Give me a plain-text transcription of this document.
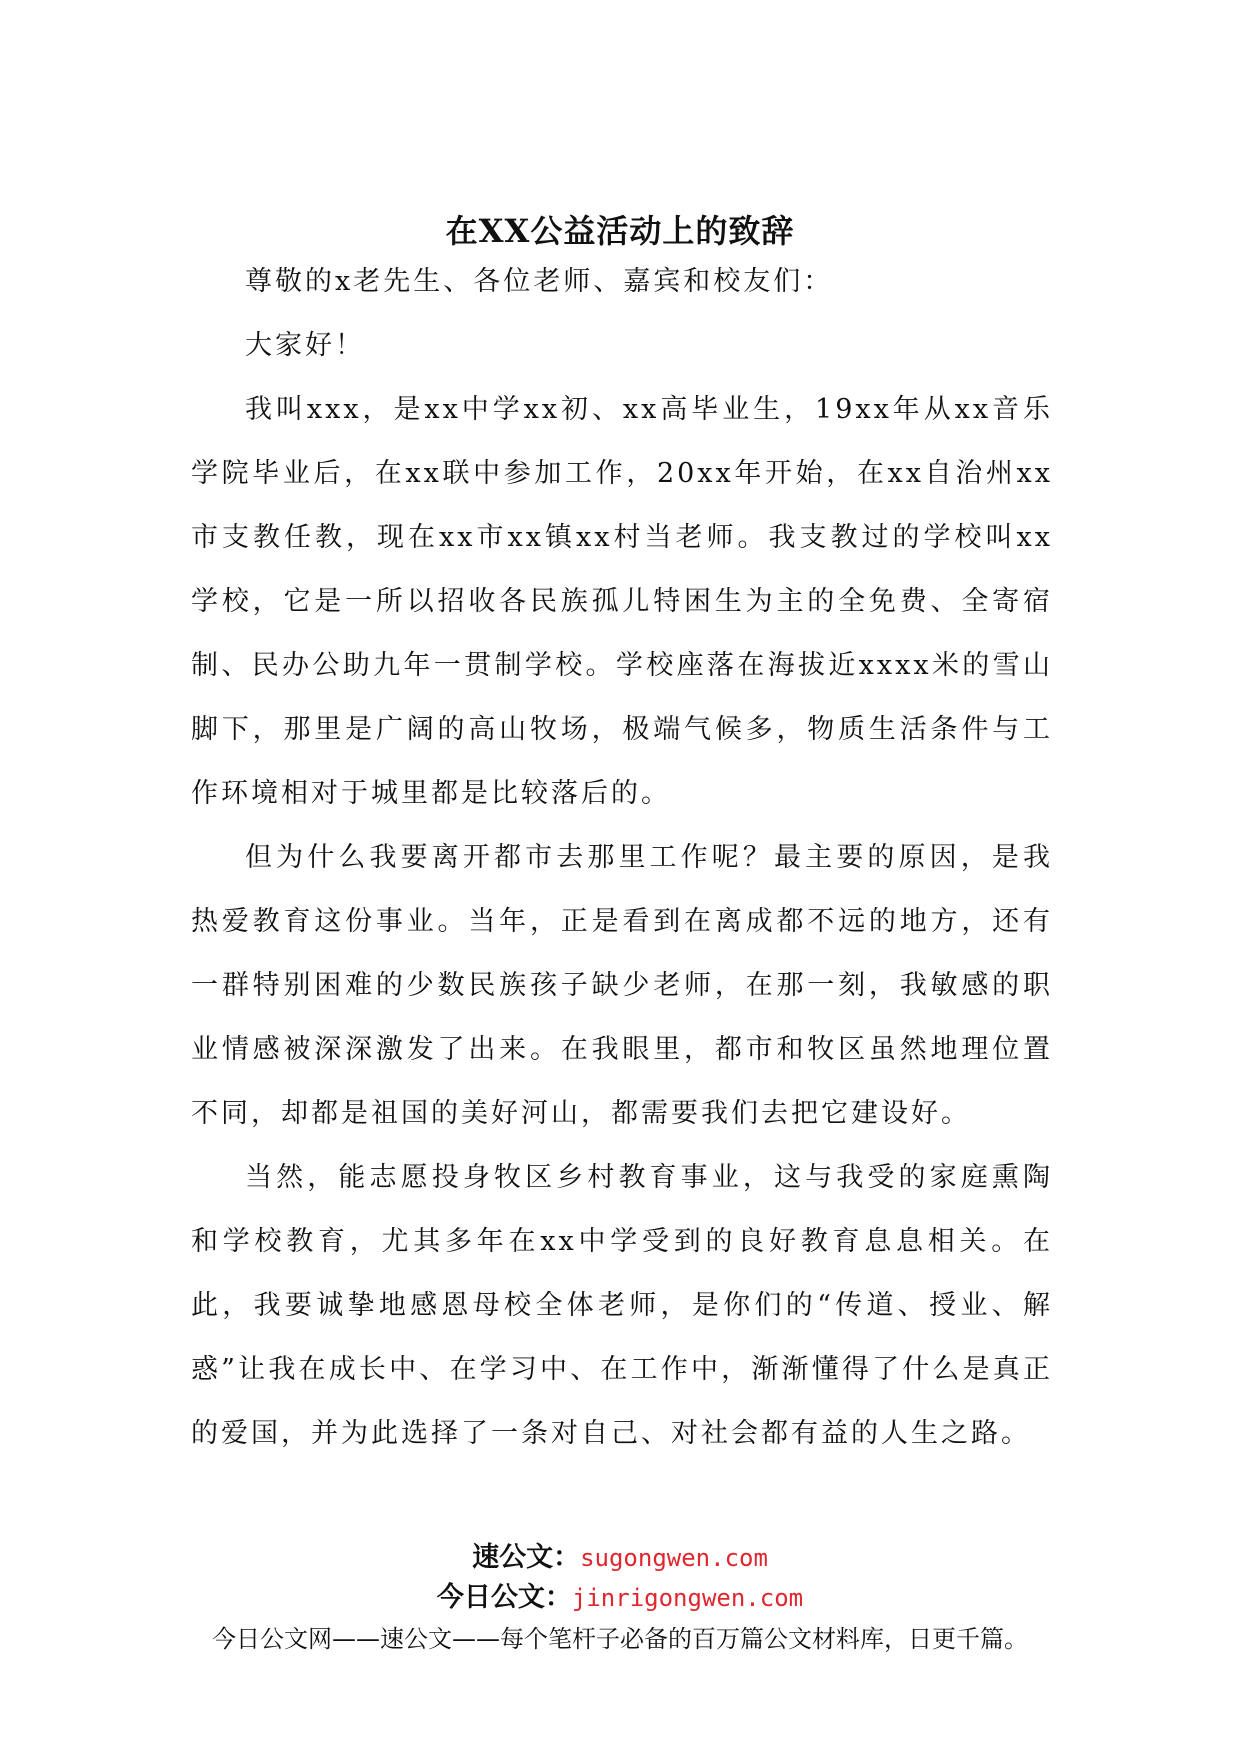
在XX公益活动上的致辞

尊敬的x老先生、各位老师、嘉宾和校友们：

大家好！

我叫xxx，是xx中学xx初、xx高毕业生，19xx年从xx音乐学院毕业后，在xx联中参加工作，20xx年开始，在xx自治州xx市支教任教，现在xx市xx镇xx村当老师。我支教过的学校叫xx学校，它是一所以招收各民族孤儿特困生为主的全免费、全寄宿制、民办公助九年一贯制学校。学校座落在海拔近xxxx米的雪山脚下，那里是广阔的高山牧场，极端气候多，物质生活条件与工作环境相对于城里都是比较落后的。

但为什么我要离开都市去那里工作呢？最主要的原因，是我热爱教育这份事业。当年，正是看到在离成都不远的地方，还有一群特别困难的少数民族孩子缺少老师，在那一刻，我敏感的职业情感被深深激发了出来。在我眼里，都市和牧区虽然地理位置不同，却都是祖国的美好河山，都需要我们去把它建设好。

当然，能志愿投身牧区乡村教育事业，这与我受的家庭熏陶和学校教育，尤其多年在xx中学受到的良好教育息息相关。在此，我要诚挚地感恩母校全体老师，是你们的“传道、授业、解惑”让我在成长中、在学习中、在工作中，渐渐懂得了什么是真正的爱国，并为此选择了一条对自己、对社会都有益的人生之路。

速公文：sugongwen.com
今日公文：jinrigongwen.com
今日公文网——速公文——每个笔杆子必备的百万篇公文材料库，日更千篇。
